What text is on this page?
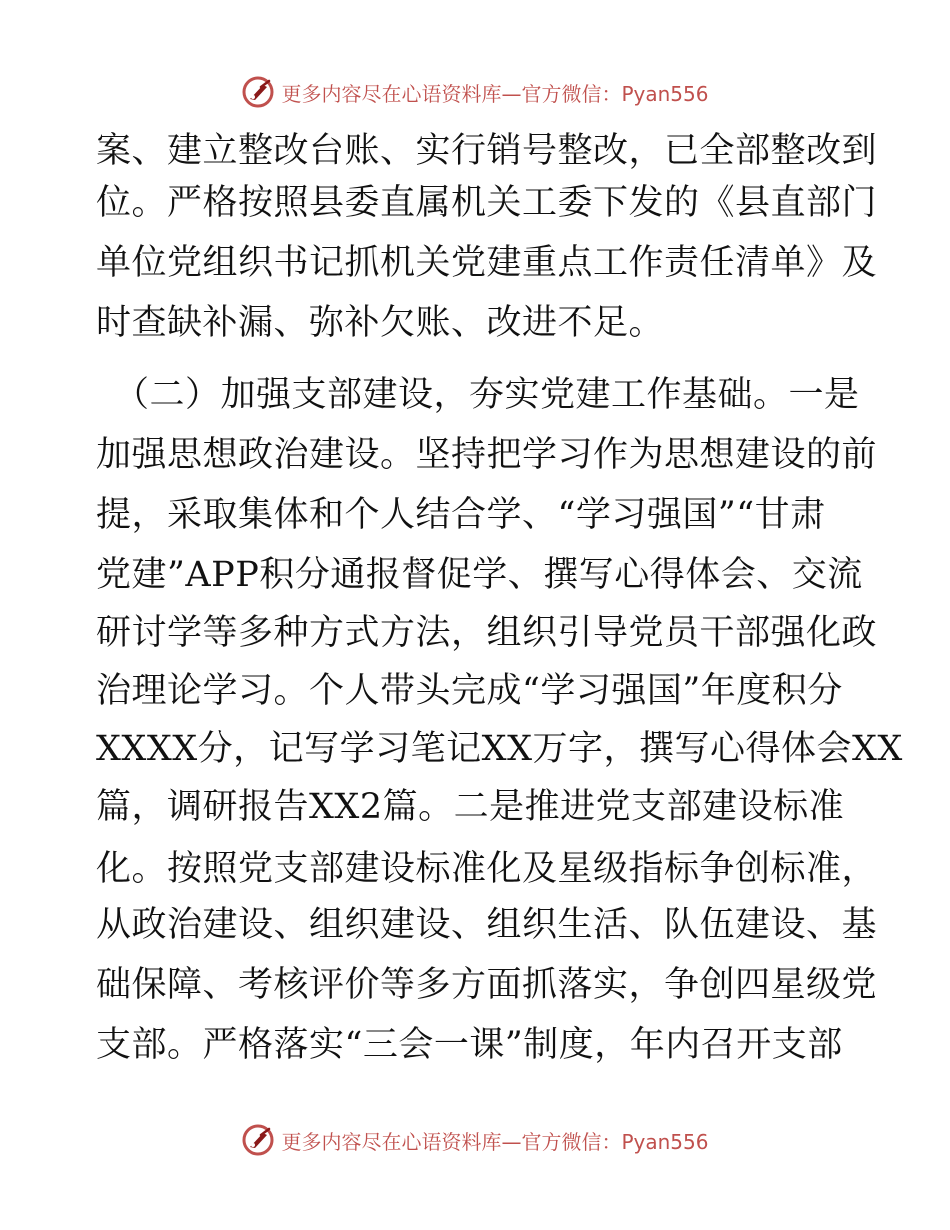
更多内容尽在心语资料库—官方微信：Pyan556
案、建立整改台账、实行销号整改，已全部整改到
位。严格按照县委直属机关工委下发的《县直部门
单位党组织书记抓机关党建重点工作责任清单》及
时查缺补漏、弥补欠账、改进不足。
（二）加强支部建设，夯实党建工作基础。一是
加强思想政治建设。坚持把学习作为思想建设的前
提，采取集体和个人结合学、“学习强国”“甘肃
党建”APP积分通报督促学、撰写心得体会、交流
研讨学等多种方式方法，组织引导党员干部强化政
治理论学习。个人带头完成“学习强国”年度积分
XXXX分，记写学习笔记XX万字，撰写心得体会XX
篇，调研报告XX2篇。二是推进党支部建设标准
化。按照党支部建设标准化及星级指标争创标准，
从政治建设、组织建设、组织生活、队伍建设、基
础保障、考核评价等多方面抓落实，争创四星级党
支部。严格落实“三会一课”制度，年内召开支部
更多内容尽在心语资料库—官方微信：Pyan556
